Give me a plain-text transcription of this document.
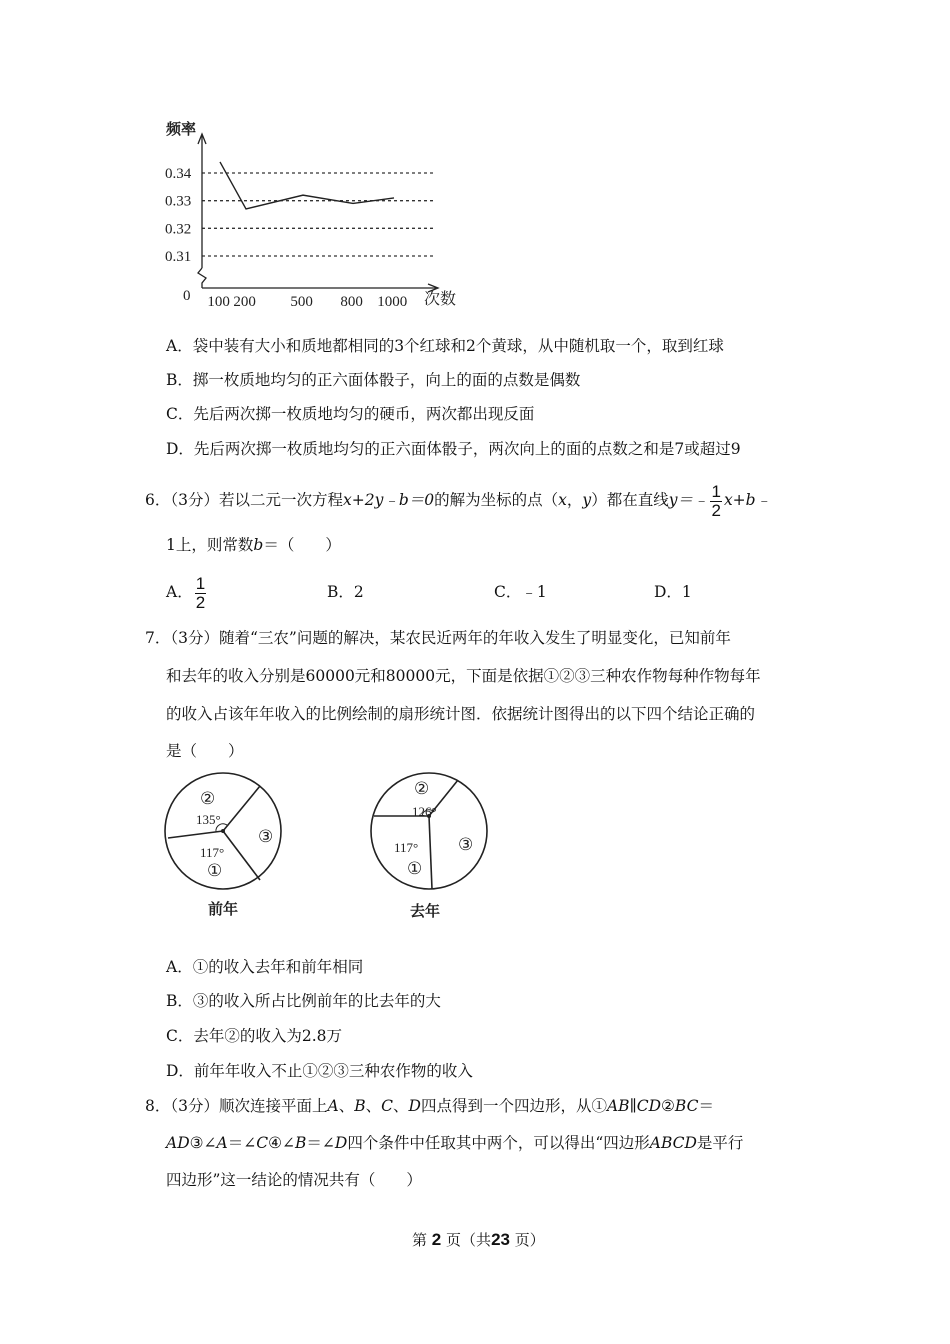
0.34
0.33
0.32
0.31
100 200 500 800 1000
频率
次数
0
A．袋中装有大小和质地都相同的3个红球和2个黄球，从中随机取一个，取到红球
B．掷一枚质地均匀的正六面体骰子，向上的面的点数是偶数
C．先后两次掷一枚质地均匀的硬币，两次都出现反面
D．先后两次掷一枚质地均匀的正六面体骰子，两次向上的面的点数之和是7或超过9
6．（3分）若以二元一次方程x+2y﹣b＝0的解为坐标的点（x，y）都在直线y＝﹣ $\frac{1}{2}$ x+b﹣
1上，则常数b＝（　　）
A． $\frac{1}{2}$	B．2	C．﹣1	D．1
7．（3分）随着“三农”问题的解决，某农民近两年的年收入发生了明显变化，已知前年
和去年的收入分别是60000元和80000元，下面是依据①②③三种农作物每种作物每年
的收入占该年年收入的比例绘制的扇形统计图．依据统计图得出的以下四个结论正确的
是（　　）
②
135°
③
117°
①
前年
②
126°
③
117°
①
去年
A．①的收入去年和前年相同
B．③的收入所占比例前年的比去年的大
C．去年②的收入为2.8万
D．前年年收入不止①②③三种农作物的收入
8．（3分）顺次连接平面上A、B、C、D四点得到一个四边形，从①AB∥CD②BC＝
AD③∠A＝∠C④∠B＝∠D四个条件中任取其中两个，可以得出“四边形ABCD是平行
四边形”这一结论的情况共有（　　）
第 2 页（共23 页）
